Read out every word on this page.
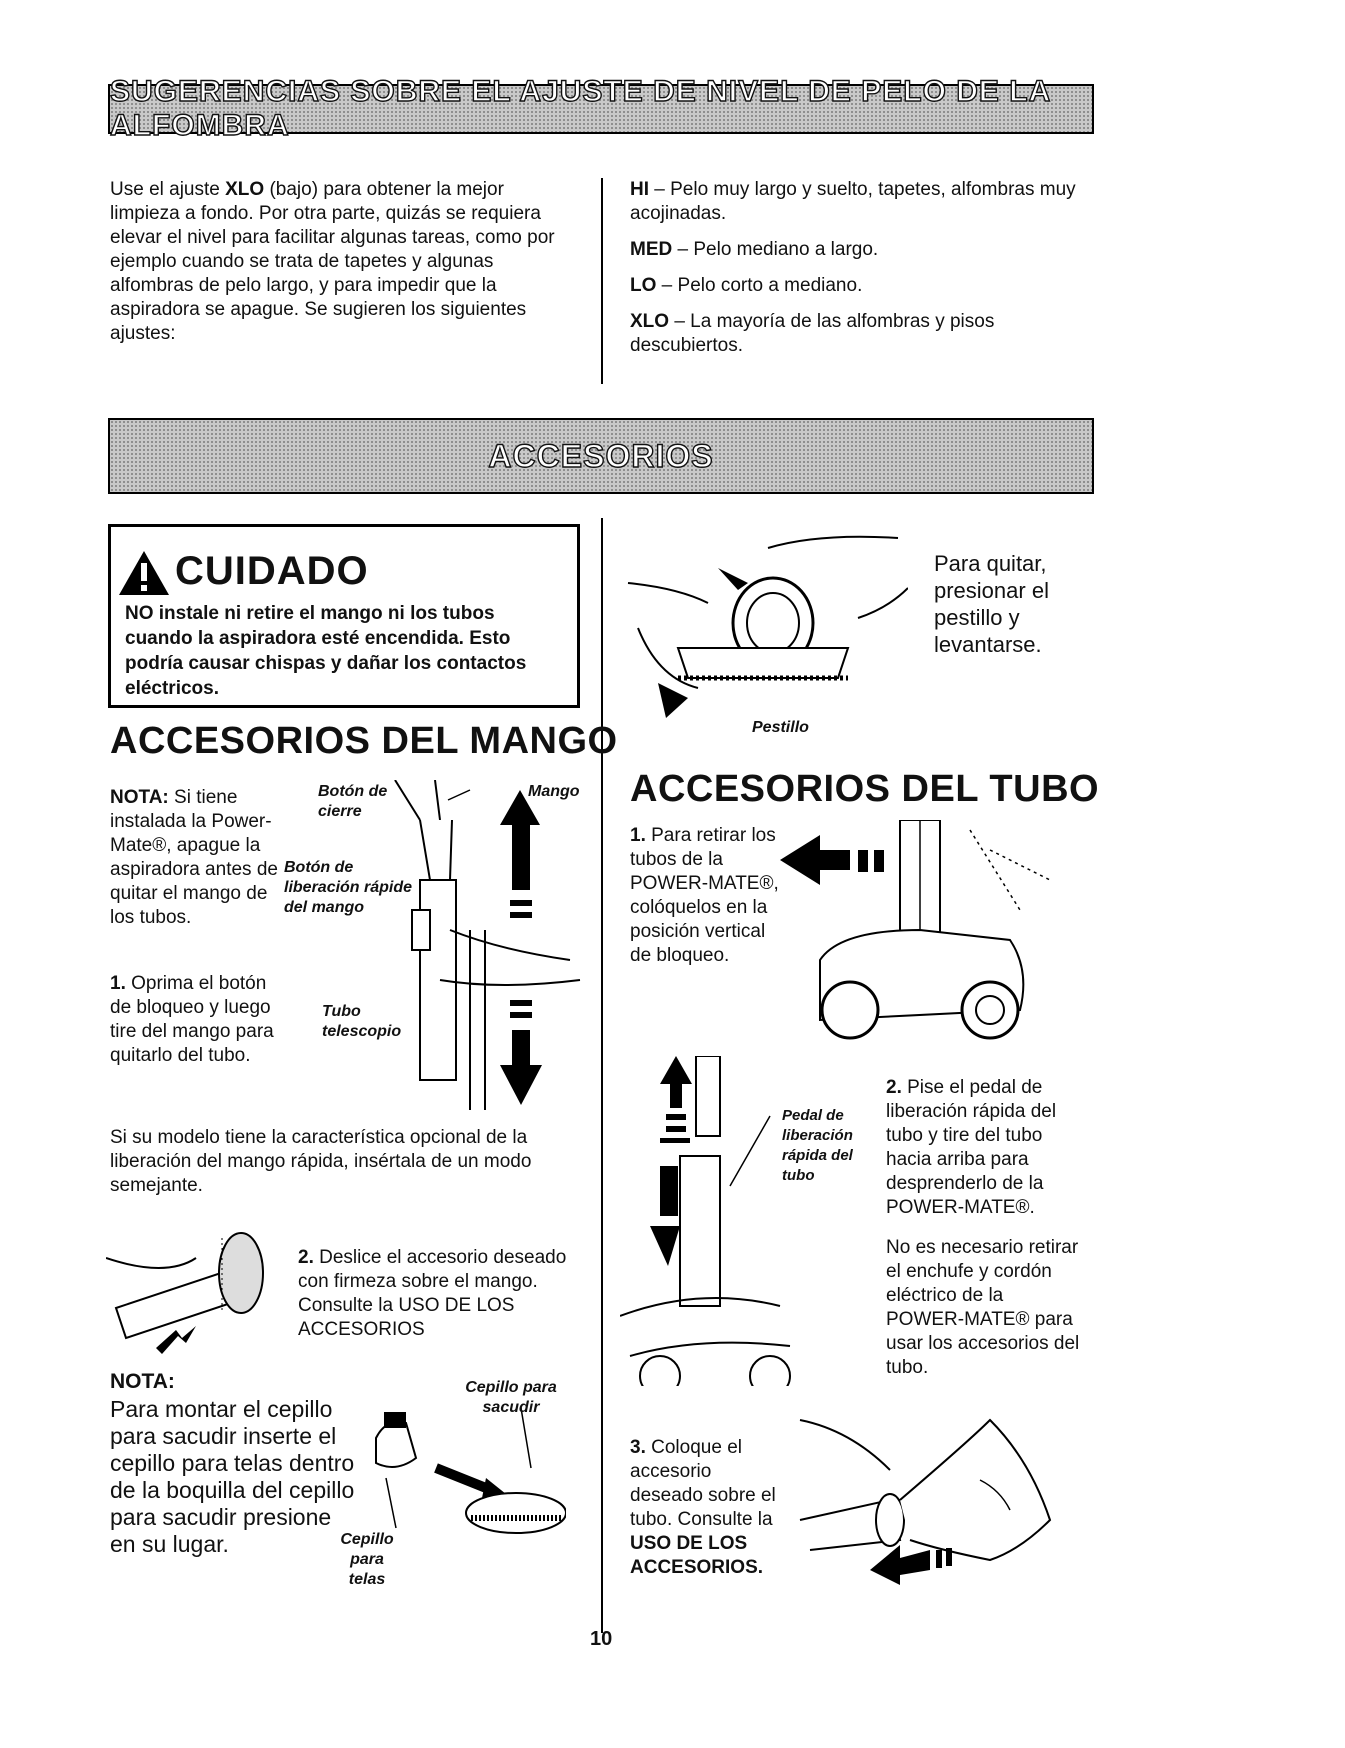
SUGERENCIAS SOBRE EL AJUSTE DE NIVEL DE PELO DE LA ALFOMBRA
Use el ajuste XLO (bajo) para obtener la mejor limpieza a fondo. Por otra parte, quizás se requiera elevar el nivel para facilitar algunas tareas, como por ejemplo cuando se trata de tapetes y algunas alfombras de pelo largo, y para impedir que la aspiradora se apague. Se sugieren los siguientes ajustes:

HI – Pelo muy largo y suelto, tapetes, alfombras muy acojinadas.

MED – Pelo mediano a largo.

LO – Pelo corto a mediano.

XLO – La mayoría de las alfombras y pisos descubiertos.

ACCESORIOS
CUIDADO
NO instale ni retire el mango ni los tubos cuando la aspiradora esté encendida. Esto podría causar chispas y dañar los contactos eléctricos.
ACCESORIOS DEL MANGO
NOTA: Si tiene instalada la Power-Mate®, apague la aspiradora antes de quitar el mango de los tubos.
1. Oprima el botón de bloqueo y luego tire del mango para quitarlo del tubo.
Botón de cierre
Mango
Botón de liberación rápide del mango
Tubo telescopio
Si su modelo tiene la característica opcional de la liberación del mango rápida, insértala de un modo semejante.
2. Deslice el accesorio deseado con firmeza sobre el mango. Consulte la USO DE LOS ACCESORIOS
NOTA:
Para montar el cepillo para sacudir inserte el cepillo para telas dentro de la boquilla del cepillo para sacudir presione en su lugar.
Cepillo para sacudir
Cepillo para telas
Para quitar, presionar el pestillo y levantarse.
Pestillo
ACCESORIOS DEL TUBO
1. Para retirar los tubos de la POWER-MATE®, colóquelos en la posición vertical de bloqueo.
Pedal de liberación rápida del tubo
2. Pise el pedal de liberación rápida del tubo y tire del tubo hacia arriba para desprenderlo de la POWER-MATE®.
No es necesario retirar el enchufe y cordón eléctrico de la POWER-MATE® para usar los accesorios del tubo.
3. Coloque el accesorio deseado sobre el tubo. Consulte la USO DE LOS ACCESORIOS.
10
